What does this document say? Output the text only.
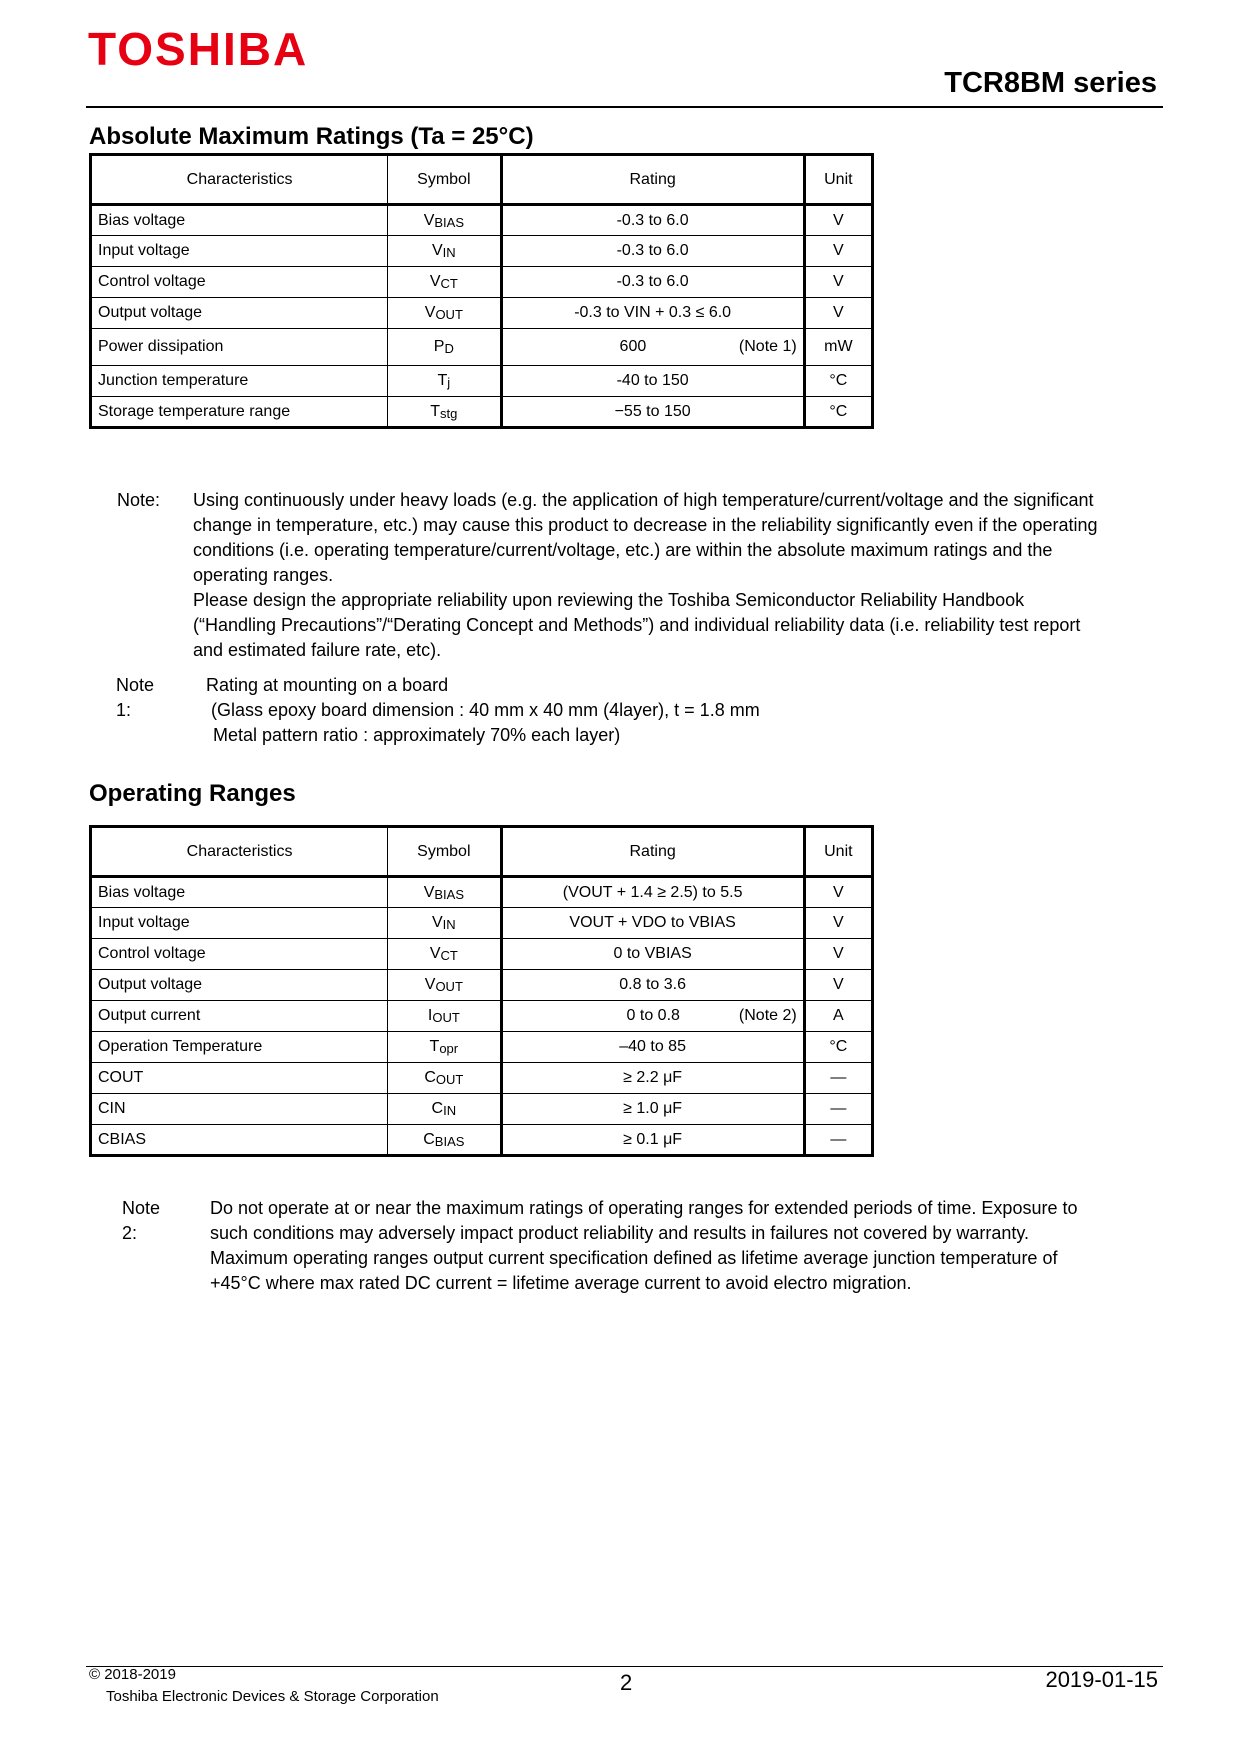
TOSHIBA
TCR8BM series
Absolute Maximum Ratings (Ta = 25°C)
Characteristics	Symbol	Rating	Unit
Bias voltage	VBIAS	-0.3 to 6.0	V
Input voltage	VIN	-0.3 to 6.0	V
Control voltage	VCT	-0.3 to 6.0	V
Output voltage	VOUT	-0.3 to VIN + 0.3 ≤ 6.0	V
Power dissipation	PD	600 (Note 1)	mW
Junction temperature	Tj	-40 to 150	°C
Storage temperature range	Tstg	−55 to 150	°C
Note: Using continuously under heavy loads (e.g. the application of high temperature/current/voltage and the significant
change in temperature, etc.) may cause this product to decrease in the reliability significantly even if the operating
conditions (i.e. operating temperature/current/voltage, etc.) are within the absolute maximum ratings and the
operating ranges.
Please design the appropriate reliability upon reviewing the Toshiba Semiconductor Reliability Handbook
(“Handling Precautions”/“Derating Concept and Methods”) and individual reliability data (i.e. reliability test report
and estimated failure rate, etc).
Note 1:
Rating at mounting on a board
(Glass epoxy board dimension : 40 mm x 40 mm (4layer), t = 1.8 mm
Metal pattern ratio : approximately 70% each layer)
Operating Ranges
Characteristics	Symbol	Rating	Unit
Bias voltage	VBIAS	(VOUT + 1.4 ≥ 2.5) to 5.5	V
Input voltage	VIN	VOUT + VDO to VBIAS	V
Control voltage	VCT	0 to VBIAS	V
Output voltage	VOUT	0.8 to 3.6	V
Output current	IOUT	0 to 0.8 (Note 2)	A
Operation Temperature	Topr	–40 to 85	°C
COUT	COUT	≥ 2.2 μF	—
CIN	CIN	≥ 1.0 μF	—
CBIAS	CBIAS	≥ 0.1 μF	—
Note 2:
Do not operate at or near the maximum ratings of operating ranges for extended periods of time. Exposure to
such conditions may adversely impact product reliability and results in failures not covered by warranty.
Maximum operating ranges output current specification defined as lifetime average junction temperature of
+45°C where max rated DC current = lifetime average current to avoid electro migration.
© 2018-2019
Toshiba Electronic Devices & Storage Corporation
2	2019-01-15
